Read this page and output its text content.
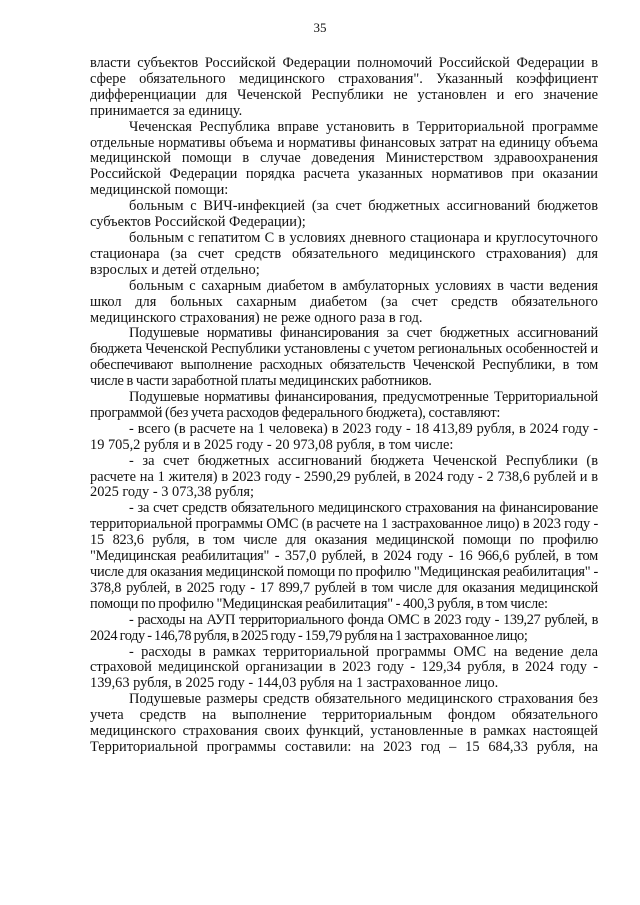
35

власти субъектов Российской Федерации полномочий Российской Федерации в сфере обязательного медицинского страхования". Указанный коэффициент дифференциации для Чеченской Республики не установлен и его значение принимается за единицу.

Чеченская Республика вправе установить в Территориальной программе отдельные нормативы объема и нормативы финансовых затрат на единицу объема медицинской помощи в случае доведения Министерством здравоохранения Российской Федерации порядка расчета указанных нормативов при оказании медицинской помощи:

больным с ВИЧ-инфекцией (за счет бюджетных ассигнований бюджетов субъектов Российской Федерации);

больным с гепатитом С в условиях дневного стационара и круглосуточного стационара (за счет средств обязательного медицинского страхования) для взрослых и детей отдельно;

больным с сахарным диабетом в амбулаторных условиях в части ведения школ для больных сахарным диабетом (за счет средств обязательного медицинского страхования) не реже одного раза в год.

Подушевые нормативы финансирования за счет бюджетных ассигнований бюджета Чеченской Республики установлены с учетом региональных особенностей и обеспечивают выполнение расходных обязательств Чеченской Республики, в том числе в части заработной платы медицинских работников.

Подушевые нормативы финансирования, предусмотренные Территориальной программой (без учета расходов федерального бюджета), составляют:

- всего (в расчете на 1 человека) в 2023 году - 18 413,89 рубля, в 2024 году - 19 705,2 рубля и в 2025 году - 20 973,08 рубля, в том числе:

- за счет бюджетных ассигнований бюджета Чеченской Республики (в расчете на 1 жителя) в 2023 году - 2590,29 рублей, в 2024 году - 2 738,6 рублей и в 2025 году - 3 073,38 рубля;

- за счет средств обязательного медицинского страхования на финансирование территориальной программы ОМС (в расчете на 1 застрахованное лицо) в 2023 году - 15 823,6 рубля, в том числе для оказания медицинской помощи по профилю "Медицинская реабилитация" - 357,0 рублей, в 2024 году - 16 966,6 рублей, в том числе для оказания медицинской помощи по профилю "Медицинская реабилитация" - 378,8 рублей, в 2025 году - 17 899,7 рублей в том числе для оказания медицинской помощи по профилю "Медицинская реабилитация" - 400,3 рубля, в том числе:

- расходы на АУП территориального фонда ОМС в 2023 году - 139,27 рублей, в 2024 году - 146,78 рубля, в 2025 году - 159,79 рубля на 1 застрахованное лицо;

- расходы в рамках территориальной программы ОМС на ведение дела страховой медицинской организации в 2023 году - 129,34 рубля, в 2024 году - 139,63 рубля, в 2025 году - 144,03 рубля на 1 застрахованное лицо.

Подушевые размеры средств обязательного медицинского страхования без учета средств на выполнение территориальным фондом обязательного медицинского страхования своих функций, установленные в рамках настоящей Территориальной программы составили: на 2023 год – 15 684,33 рубля, на
